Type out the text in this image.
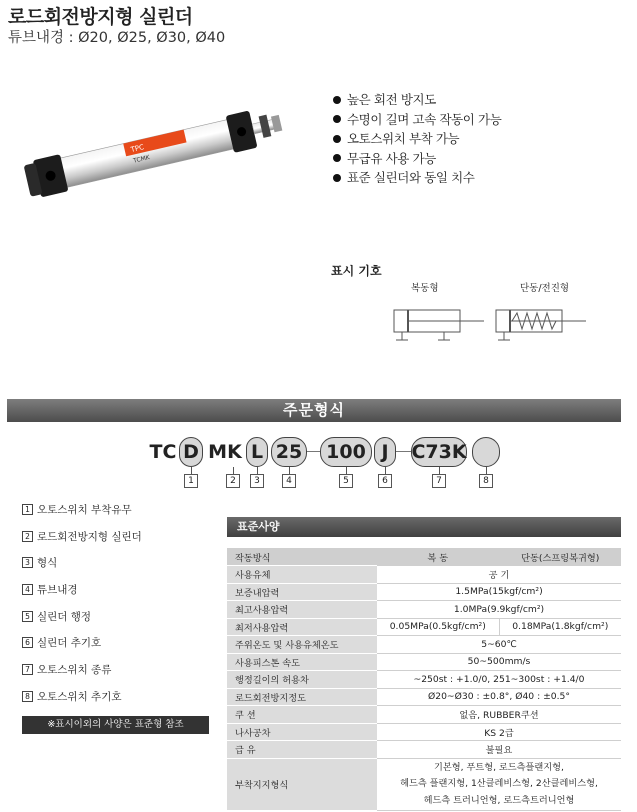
로드회전방지형 실린더
튜브내경 : Ø20, Ø25, Ø30, Ø40
TPC
TCMK
높은 회전 방지도
수명이 길며 고속 작동이 가능
오토스위치 부착 가능
무급유 사용 가능
표준 실린더와 동일 치수
표시 기호
복동형	단동/전진형
주문형식
TC D MK L 25	100 J	C73K
1	2	3	4	5	6	7	8
1 오토스위치 부착유무
2 로드회전방지형 실린더
3 형식
4 튜브내경
5 실린더 행정
6 실린더 추기호
7 오토스위치 종류
8 오토스위치 추기호
※표시이외의 사양은 표준형 참조
표준사양
작동방식	복 동	단동(스프링복귀형)
사용유체	공 기	
보증내압력	1.5MPa(15kgf/cm²)	
최고사용압력	1.0MPa(9.9kgf/cm²)	
최저사용압력	0.05MPa(0.5kgf/cm²)	0.18MPa(1.8kgf/cm²)
주위온도 및 사용유체온도	5~60℃	
사용피스톤 속도	50~500mm/s	
행정길이의 허용차	~250st : +1.0/0, 251~300st : +1.4/0	
로드회전방지정도	Ø20~Ø30 : ±0.8°, Ø40 : ±0.5°	
쿠 션	없음, RUBBER쿠션	
나사공차	KS 2급	
급 유	불필요	
부착지지형식	기본형, 푸트형, 로드측플랜지형,
헤드측 플랜지형, 1산클레비스형, 2산클레비스형,
헤드측 트러니언형, 로드측트러니언형	
